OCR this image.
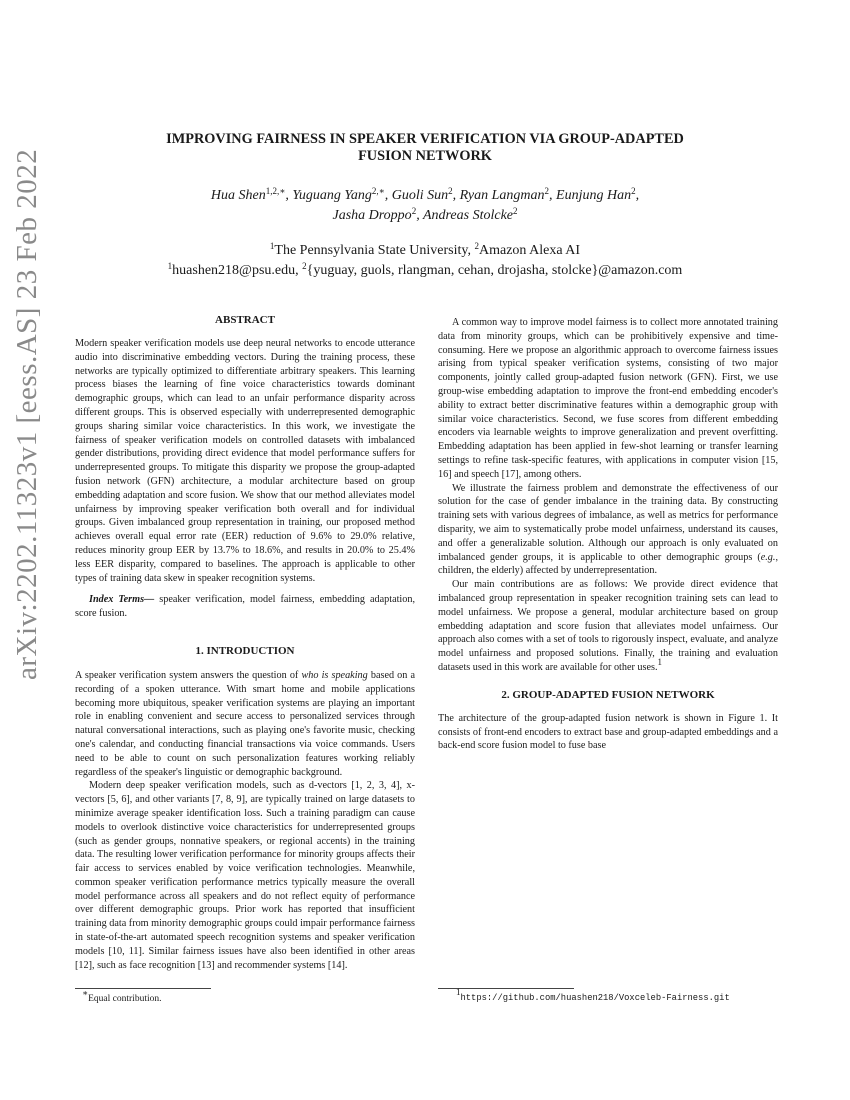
arXiv:2202.11323v1 [eess.AS] 23 Feb 2022
IMPROVING FAIRNESS IN SPEAKER VERIFICATION VIA GROUP-ADAPTED FUSION NETWORK
Hua Shen$^{1,2,∗}$, Yuguang Yang$^{2,∗}$, Guoli Sun$^2$, Ryan Langman$^2$, Eunjung Han$^2$,
Jasha Droppo$^2$, Andreas Stolcke$^2$
$^1$The Pennsylvania State University, $^2$Amazon Alexa AI
$^1$huashen218@psu.edu, $^2${yuguay, guols, rlangman, cehan, drojasha, stolcke}@amazon.com
ABSTRACT

Modern speaker verification models use deep neural networks to encode utterance audio into discriminative embedding vectors. During the training process, these networks are typically optimized to differentiate arbitrary speakers. This learning process biases the learning of fine voice characteristics towards dominant demographic groups, which can lead to an unfair performance disparity across different groups. This is observed especially with underrepresented demographic groups sharing similar voice characteristics. In this work, we investigate the fairness of speaker verification models on controlled datasets with imbalanced gender distributions, providing direct evidence that model performance suffers for underrepresented groups. To mitigate this disparity we propose the group-adapted fusion network (GFN) architecture, a modular architecture based on group embedding adaptation and score fusion. We show that our method alleviates model unfairness by improving speaker verification both overall and for individual groups. Given imbalanced group representation in training, our proposed method achieves overall equal error rate (EER) reduction of 9.6% to 29.0% relative, reduces minority group EER by 13.7% to 18.6%, and results in 20.0% to 25.4% less EER disparity, compared to baselines. The approach is applicable to other types of training data skew in speaker recognition systems.

Index Terms— speaker verification, model fairness, embedding adaptation, score fusion.

1. INTRODUCTION

A speaker verification system answers the question of who is speaking based on a recording of a spoken utterance. With smart home and mobile applications becoming more ubiquitous, speaker verification systems are playing an important role in enabling convenient and secure access to personalized services through natural conversational interactions, such as playing one's favorite music, checking one's calendar, and conducting financial transactions via voice commands. Users need to be able to count on such personalization features working reliably regardless of the speaker's linguistic or demographic background.

Modern deep speaker verification models, such as d-vectors [1, 2, 3, 4], x-vectors [5, 6], and other variants [7, 8, 9], are typically trained on large datasets to minimize average speaker identification loss. Such a training paradigm can cause models to overlook distinctive voice characteristics for underrepresented groups (such as gender groups, nonnative speakers, or regional accents) in the training data. The resulting lower verification performance for minority groups affects their fair access to services enabled by voice verification technologies. Meanwhile, common speaker verification performance metrics typically measure the overall model performance across all speakers and do not reflect equity of performance over different demographic groups. Prior work has reported that insufficient training data from minority demographic groups could impair performance fairness in state-of-the-art automated speech recognition systems and speaker verification models [10, 11]. Similar fairness issues have also been identified in other areas [12], such as face recognition [13] and recommender systems [14].

∗Equal contribution.

A common way to improve model fairness is to collect more annotated training data from minority groups, which can be prohibitively expensive and time-consuming. Here we propose an algorithmic approach to overcome fairness issues arising from typical speaker verification systems, consisting of two major components, jointly called group-adapted fusion network (GFN). First, we use group-wise embedding adaptation to improve the front-end embedding encoder's ability to extract better discriminative features within a demographic group with similar voice characteristics. Second, we fuse scores from different embedding encoders via learnable weights to improve generalization and prevent overfitting. Embedding adaptation has been applied in few-shot learning or transfer learning settings to refine task-specific features, with applications in computer vision [15, 16] and speech [17], among others.

We illustrate the fairness problem and demonstrate the effectiveness of our solution for the case of gender imbalance in the training data. By constructing training sets with various degrees of imbalance, as well as metrics for performance disparity, we aim to systematically probe model unfairness, understand its causes, and offer a generalizable solution. Although our approach is only evaluated on imbalanced gender groups, it is applicable to other demographic groups (e.g., children, the elderly) affected by underrepresentation.

Our main contributions are as follows: We provide direct evidence that imbalanced group representation in speaker recognition training sets can lead to model unfairness. We propose a general, modular architecture based on group embedding adaptation and score fusion that alleviates model unfairness. Our approach also comes with a set of tools to rigorously inspect, evaluate, and analyze model unfairness and proposed solutions. Finally, the training and evaluation datasets used in this work are available for other uses.$^1$

2. GROUP-ADAPTED FUSION NETWORK

The architecture of the group-adapted fusion network is shown in Figure 1. It consists of front-end encoders to extract base and group-adapted embeddings and a back-end score fusion model to fuse base

$^1$https://github.com/huashen218/Voxceleb-Fairness.git
